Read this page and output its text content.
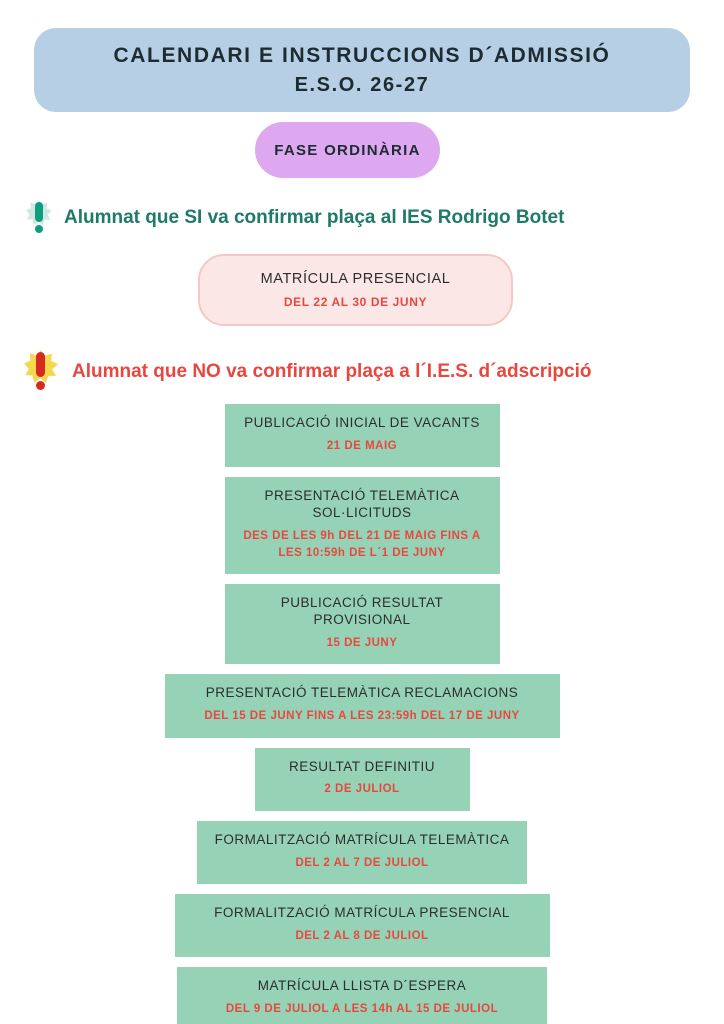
CALENDARI E INSTRUCCIONS D´ADMISSIÓ
E.S.O. 26-27
FASE ORDINÀRIA
Alumnat que SI va confirmar plaça al IES Rodrigo Botet
MATRÍCULA PRESENCIAL
DEL 22 AL 30 DE JUNY
Alumnat que NO va confirmar plaça a l´I.E.S. d´adscripció
PUBLICACIÓ INICIAL DE VACANTS
21 DE MAIG
PRESENTACIÓ TELEMÀTICA SOL·LICITUDS
DES DE LES 9h DEL 21 DE MAIG FINS A
LES 10:59h DE L´1 DE JUNY
PUBLICACIÓ RESULTAT PROVISIONAL
15 DE JUNY
PRESENTACIÓ TELEMÀTICA RECLAMACIONS
DEL 15 DE JUNY FINS A LES 23:59h DEL 17 DE JUNY
RESULTAT DEFINITIU
2 DE JULIOL
FORMALITZACIÓ MATRÍCULA TELEMÀTICA
DEL 2 AL 7 DE JULIOL
FORMALITZACIÓ MATRÍCULA PRESENCIAL
DEL 2 AL 8 DE JULIOL
MATRÍCULA LLISTA D´ESPERA
DEL 9 DE JULIOL A LES 14h AL 15 DE JULIOL
